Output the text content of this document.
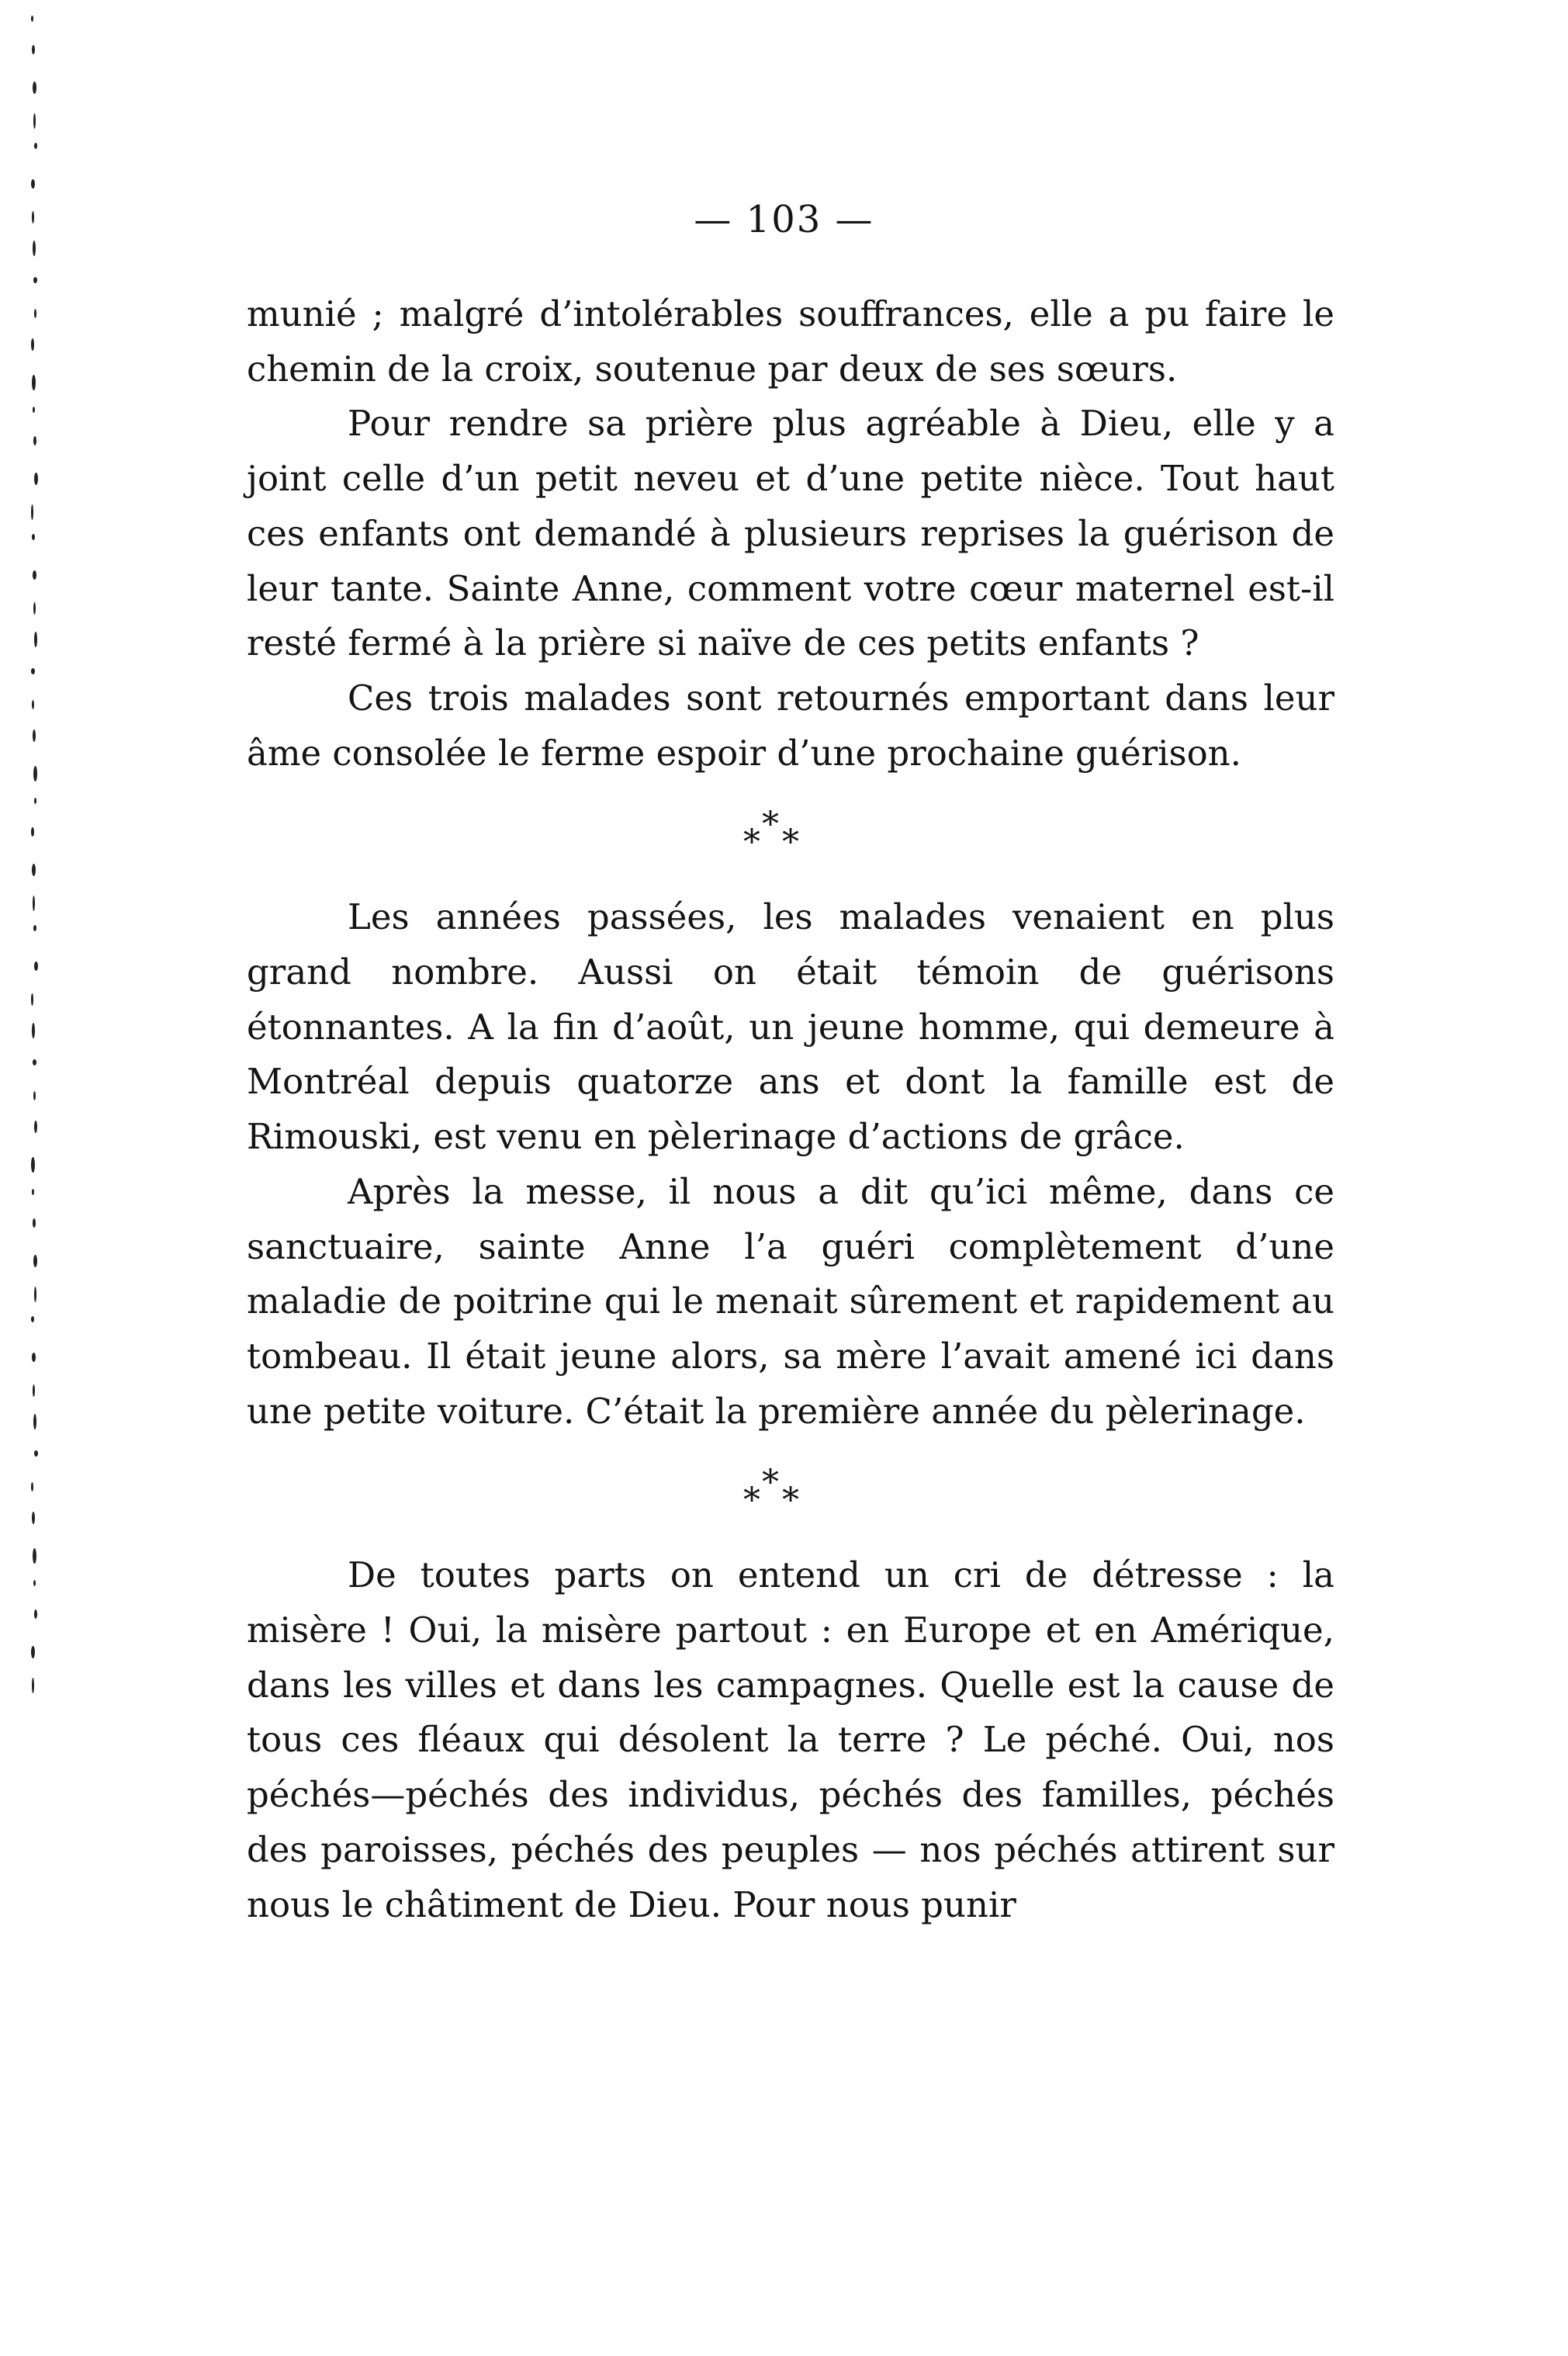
— 103 —

munié ; malgré d’intolérables souffrances, elle a pu faire le chemin de la croix, soutenue par deux de ses sœurs.

Pour rendre sa prière plus agréable à Dieu, elle y a joint celle d’un petit neveu et d’une petite nièce. Tout haut ces enfants ont demandé à plusieurs reprises la guérison de leur tante. Sainte Anne, comment votre cœur maternel est-il resté fermé à la prière si naïve de ces petits enfants ?

Ces trois malades sont retournés emportant dans leur âme consolée le ferme espoir d’une prochaine guérison.

* * *

Les années passées, les malades venaient en plus grand nombre. Aussi on était témoin de guérisons étonnantes. A la fin d’août, un jeune homme, qui demeure à Montréal depuis quatorze ans et dont la famille est de Rimouski, est venu en pèlerinage d’actions de grâce.

Après la messe, il nous a dit qu’ici même, dans ce sanctuaire, sainte Anne l’a guéri complètement d’une maladie de poitrine qui le menait sûrement et rapidement au tombeau. Il était jeune alors, sa mère l’avait amené ici dans une petite voiture. C’était la première année du pèlerinage.

* * *

De toutes parts on entend un cri de détresse : la misère ! Oui, la misère partout : en Europe et en Amérique, dans les villes et dans les campagnes. Quelle est la cause de tous ces fléaux qui désolent la terre ? Le péché. Oui, nos péchés—péchés des individus, péchés des familles, péchés des paroisses, péchés des peuples — nos péchés attirent sur nous le châtiment de Dieu. Pour nous punir
